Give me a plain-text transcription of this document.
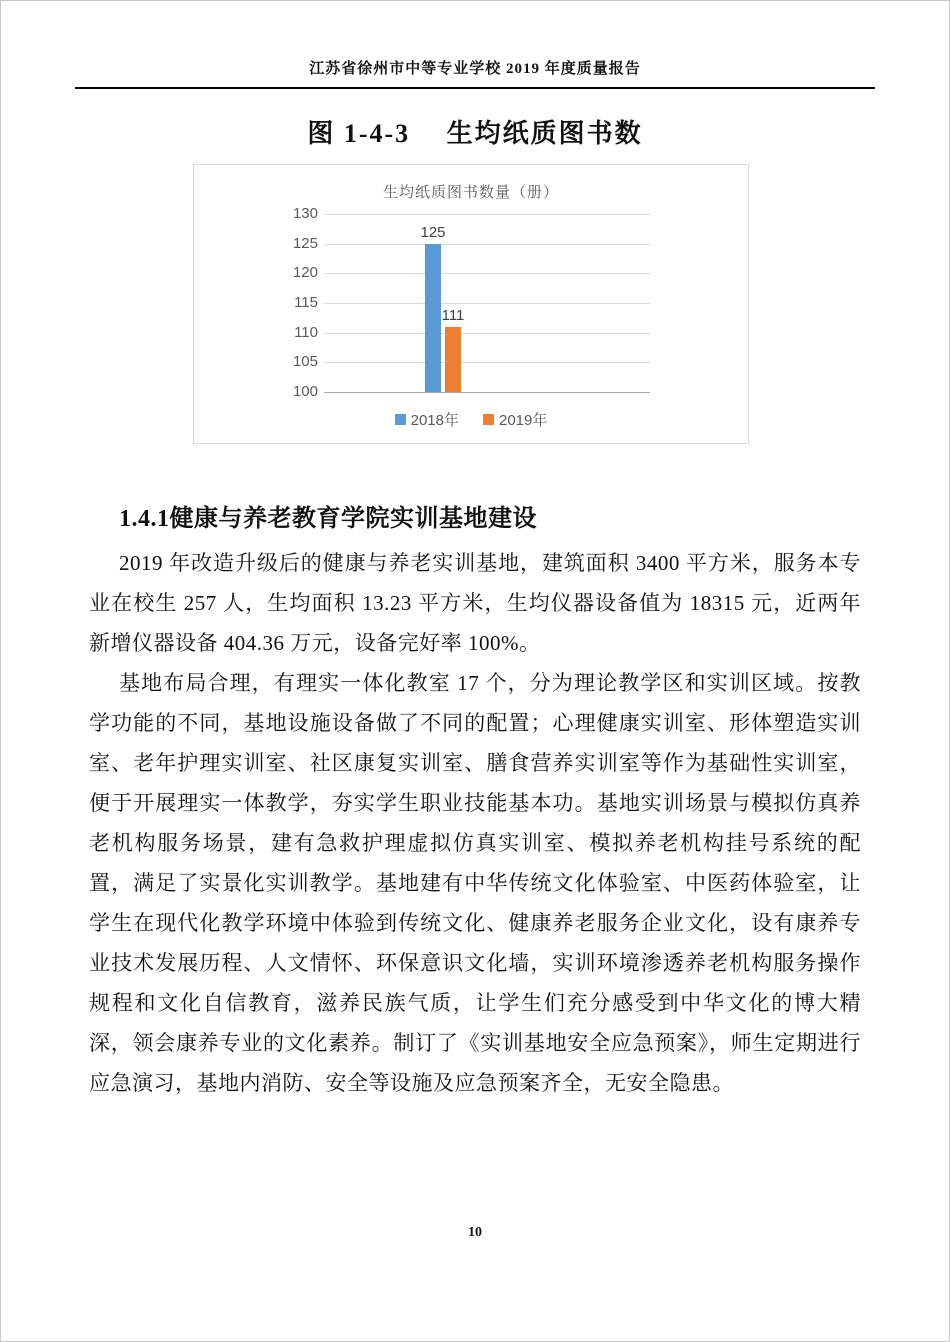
江苏省徐州市中等专业学校 2019 年度质量报告
图 1-4-3　 生均纸质图书数
生均纸质图书数量（册）
130
125
120
115
110
105
100
125
111
2018年	2019年
1.4.1健康与养老教育学院实训基地建设

2019 年改造升级后的健康与养老实训基地，建筑面积 3400 平方米，服务本专业在校生 257 人，生均面积 13.23 平方米，生均仪器设备值为 18315 元，近两年新增仪器设备 404.36 万元，设备完好率 100%。

基地布局合理，有理实一体化教室 17 个，分为理论教学区和实训区域。按教学功能的不同，基地设施设备做了不同的配置；心理健康实训室、形体塑造实训室、老年护理实训室、社区康复实训室、膳食营养实训室等作为基础性实训室，便于开展理实一体教学，夯实学生职业技能基本功。基地实训场景与模拟仿真养老机构服务场景，建有急救护理虚拟仿真实训室、模拟养老机构挂号系统的配置，满足了实景化实训教学。基地建有中华传统文化体验室、中医药体验室，让学生在现代化教学环境中体验到传统文化、健康养老服务企业文化，设有康养专业技术发展历程、人文情怀、环保意识文化墙，实训环境渗透养老机构服务操作规程和文化自信教育，滋养民族气质，让学生们充分感受到中华文化的博大精深，领会康养专业的文化素养。制订了《实训基地安全应急预案》，师生定期进行应急演习，基地内消防、安全等设施及应急预案齐全，无安全隐患。

10
